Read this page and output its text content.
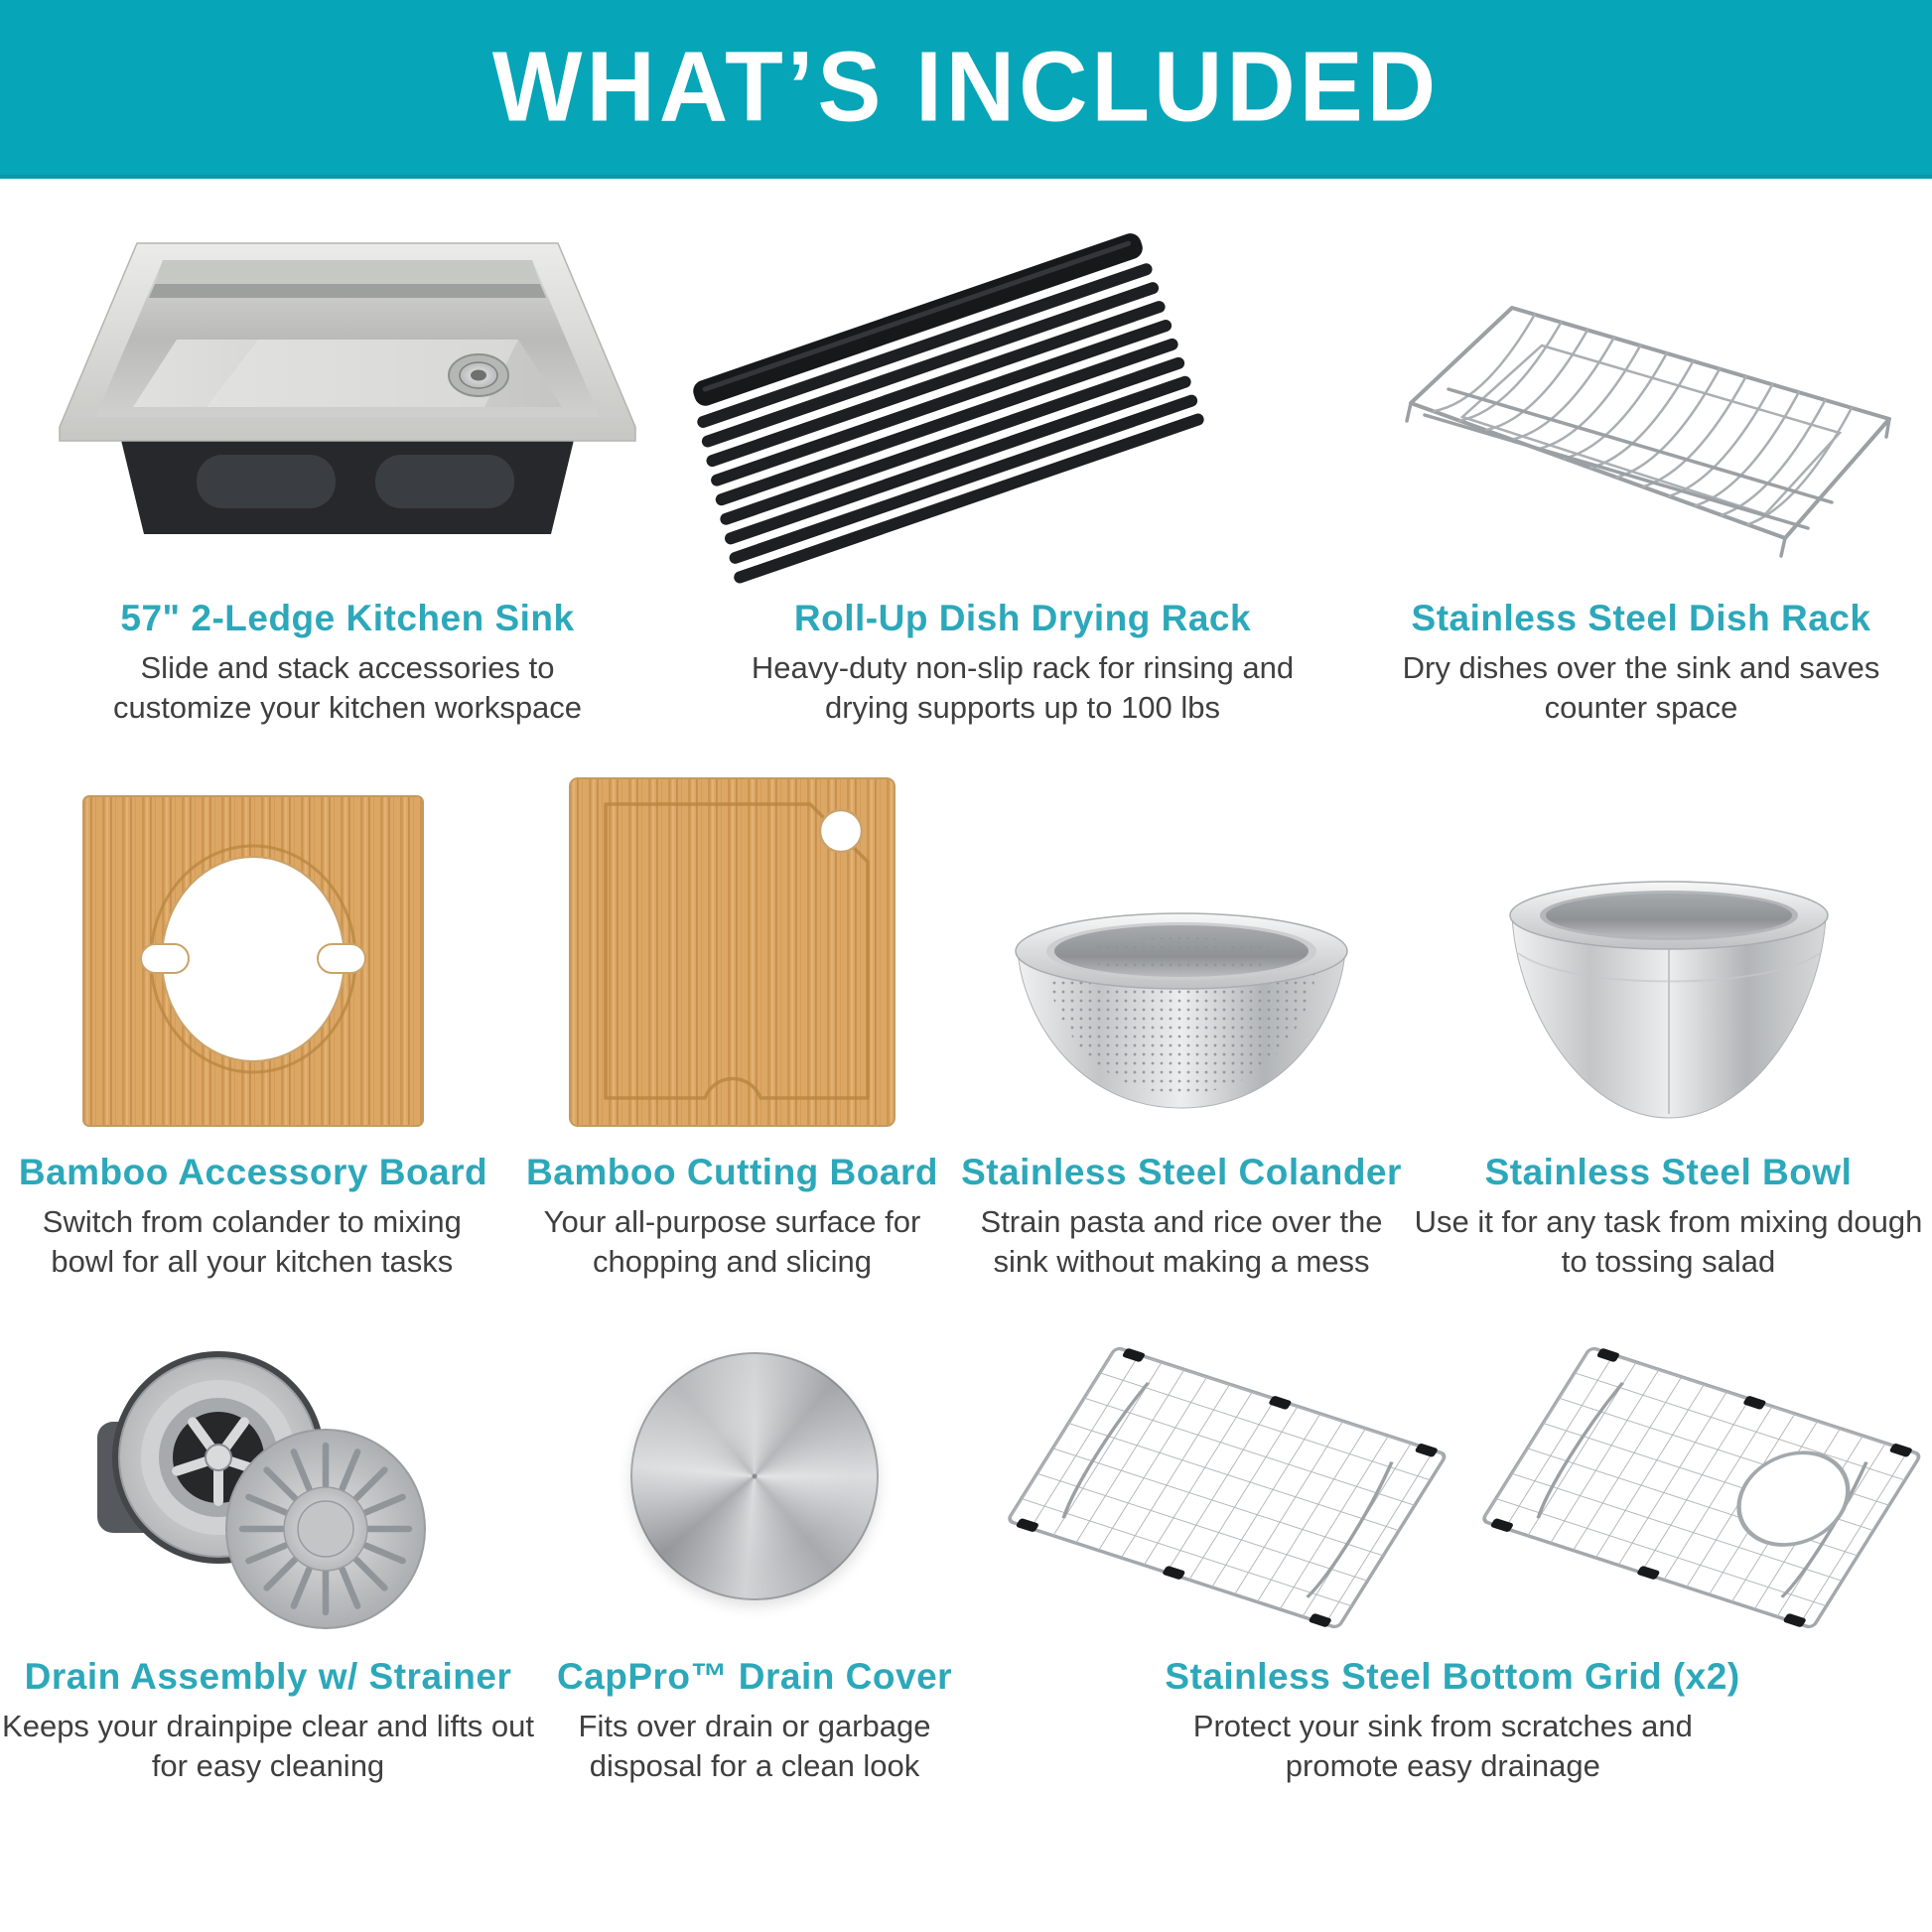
WHAT’S INCLUDED
57" 2-Ledge Kitchen Sink
Slide and stack accessories to customize your kitchen workspace
Roll-Up Dish Drying Rack
Heavy-duty non-slip rack for rinsing and drying supports up to 100 lbs
Stainless Steel Dish Rack
Dry dishes over the sink and saves counter space
Bamboo Accessory Board
Switch from colander to mixing bowl for all your kitchen tasks
Bamboo Cutting Board
Your all-purpose surface for chopping and slicing
Stainless Steel Colander
Strain pasta and rice over the sink without making a mess
Stainless Steel Bowl
Use it for any task from mixing dough to tossing salad
Drain Assembly w/ Strainer
Keeps your drainpipe clear and lifts out for easy cleaning
CapPro™ Drain Cover
Fits over drain or garbage disposal for a clean look
Stainless Steel Bottom Grid (x2)
Protect your sink from scratches and promote easy drainage
